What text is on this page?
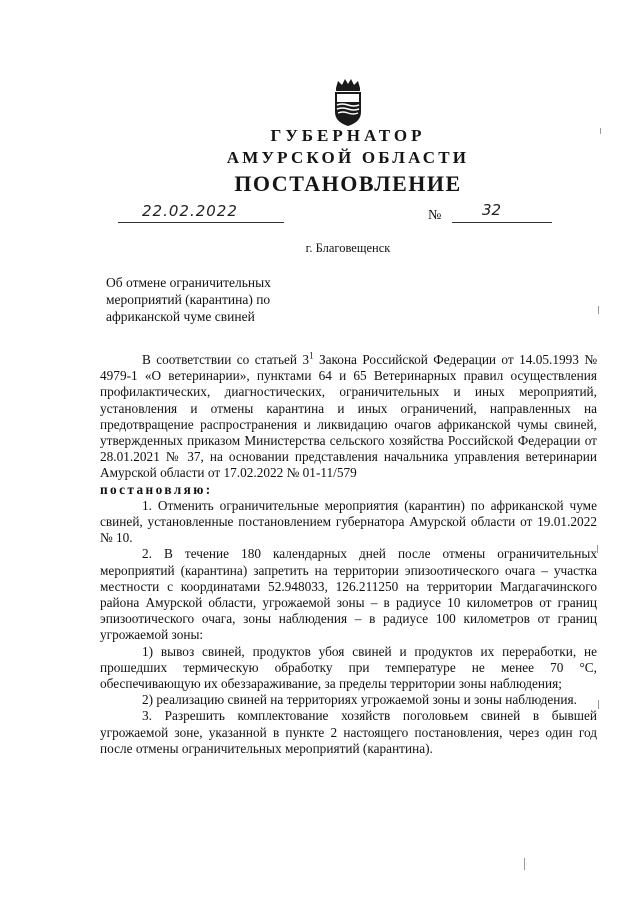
ГУБЕРНАТОР
АМУРСКОЙ ОБЛАСТИ
ПОСТАНОВЛЕНИЕ
22.02.2022	№	32
г. Благовещенск
Об отмене ограничительных мероприятий (карантина) по африканской чуме свиней

В соответствии со статьей $3^1$ Закона Российской Федерации от 14.05.1993 № 4979-1 «О ветеринарии», пунктами 64 и 65 Ветеринарных правил осуществления профилактических, диагностических, ограничительных и иных мероприятий, установления и отмены карантина и иных ограничений, направленных на предотвращение распространения и ликвидацию очагов африканской чумы свиней, утвержденных приказом Министерства сельского хозяйства Российской Федерации от 28.01.2021 № 37, на основании представления начальника управления ветеринарии Амурской области от 17.02.2022 № 01-11/579

постановляю:

1. Отменить ограничительные мероприятия (карантин) по африканской чуме свиней, установленные постановлением губернатора Амурской области от 19.01.2022 № 10.

2. В течение 180 календарных дней после отмены ограничительных мероприятий (карантина) запретить на территории эпизоотического очага – участка местности с координатами 52.948033, 126.211250 на территории Магдагачинского района Амурской области, угрожаемой зоны – в радиусе 10 километров от границ эпизоотического очага, зоны наблюдения – в радиусе 100 километров от границ угрожаемой зоны:

1) вывоз свиней, продуктов убоя свиней и продуктов их переработки, не прошедших термическую обработку при температуре не менее 70 °С, обеспечивающую их обеззараживание, за пределы территории зоны наблюдения;

2) реализацию свиней на территориях угрожаемой зоны и зоны наблюдения.

3. Разрешить комплектование хозяйств поголовьем свиней в бывшей угрожаемой зоне, указанной в пункте 2 настоящего постановления, через один год после отмены ограничительных мероприятий (карантина).
